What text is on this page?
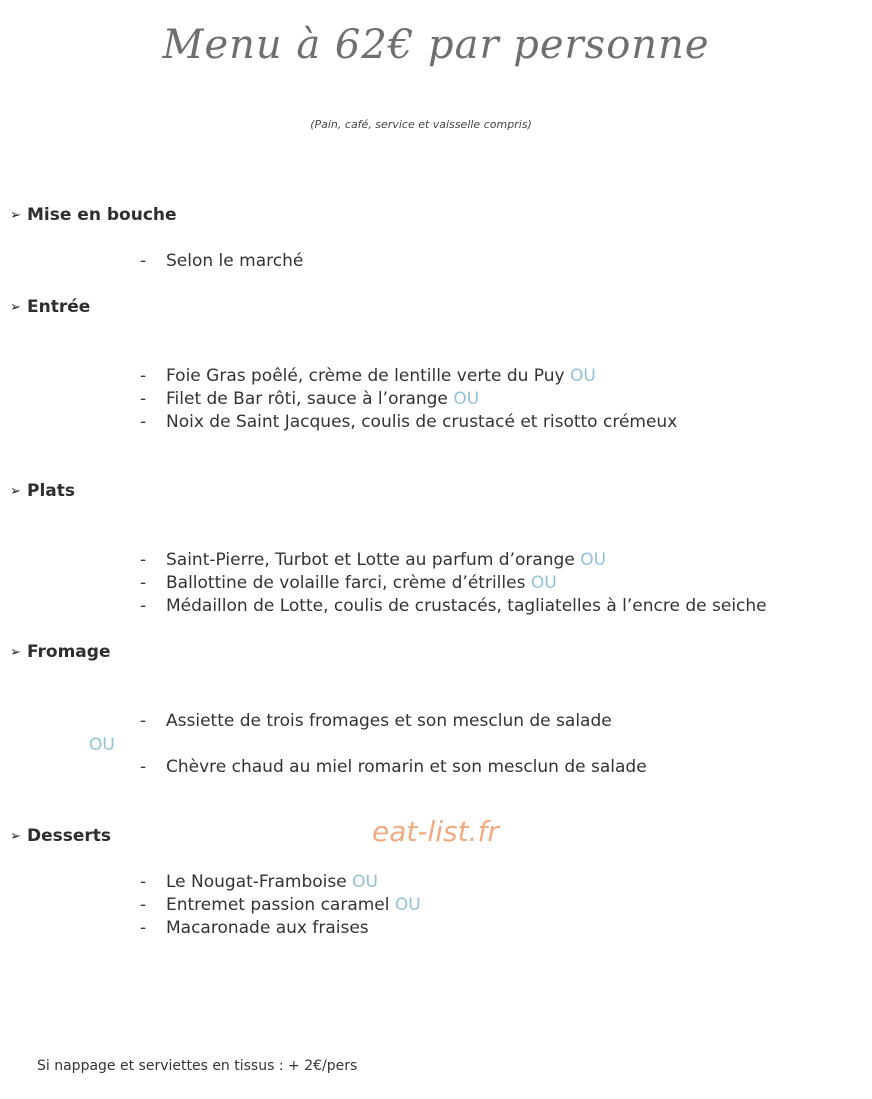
Menu à 62€ par personne
(Pain, café, service et vaisselle compris)
➢ Mise en bouche
- Selon le marché
➢ Entrée
- Foie Gras poêlé, crème de lentille verte du Puy OU
- Filet de Bar rôti, sauce à l’orange OU
- Noix de Saint Jacques, coulis de crustacé et risotto crémeux
➢ Plats
- Saint-Pierre, Turbot et Lotte au parfum d’orange OU
- Ballottine de volaille farci, crème d’étrilles OU
- Médaillon de Lotte, coulis de crustacés, tagliatelles à l’encre de seiche
➢ Fromage
- Assiette de trois fromages et son mesclun de salade
OU
- Chèvre chaud au miel romarin et son mesclun de salade
➢ Desserts	eat-list.fr
- Le Nougat-Framboise OU
- Entremet passion caramel OU
- Macaronade aux fraises
Si nappage et serviettes en tissus : + 2€/pers
